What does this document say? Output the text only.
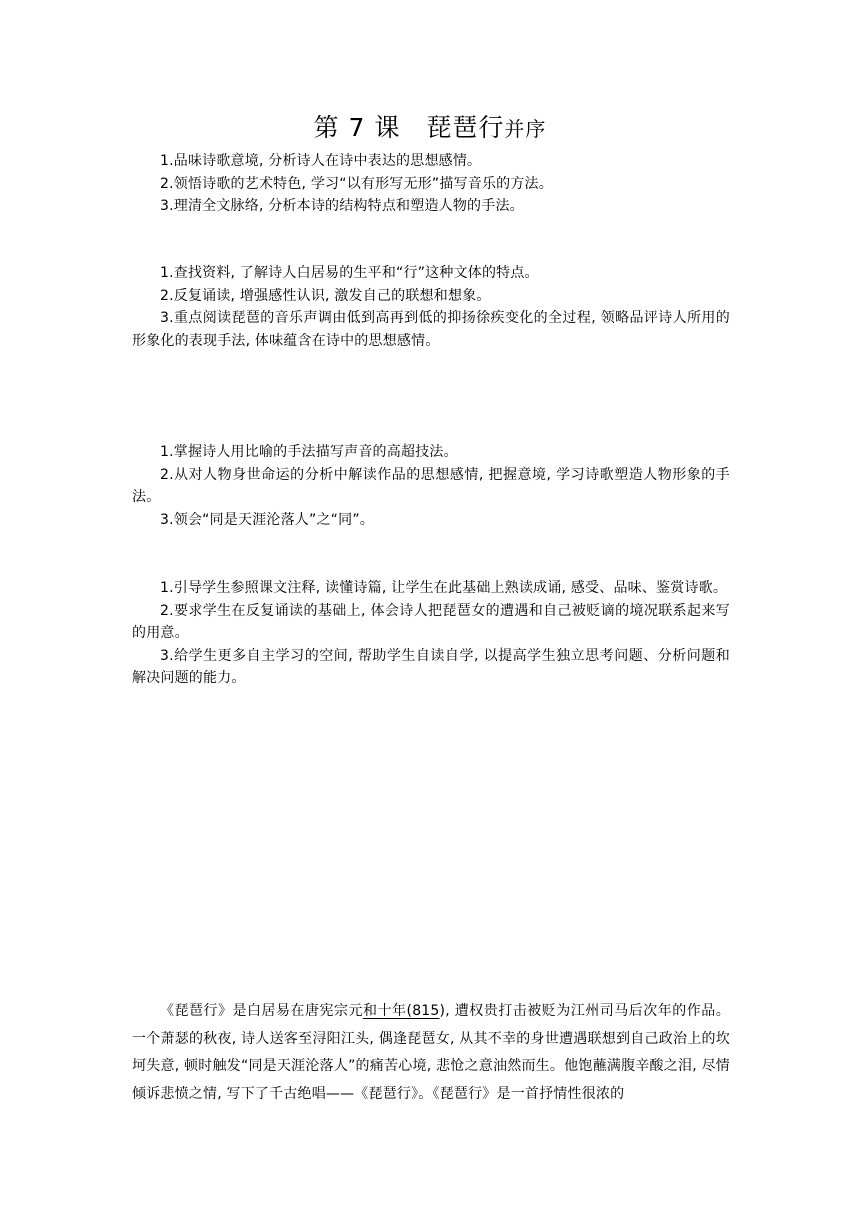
第 7 课　琵琶行并序

1.品味诗歌意境, 分析诗人在诗中表达的思想感情。

2.领悟诗歌的艺术特色, 学习“以有形写无形”描写音乐的方法。

3.理清全文脉络, 分析本诗的结构特点和塑造人物的手法。

1.查找资料, 了解诗人白居易的生平和“行”这种文体的特点。

2.反复诵读, 增强感性认识, 激发自己的联想和想象。

3.重点阅读琵琶的音乐声调由低到高再到低的抑扬徐疾变化的全过程, 领略品评诗人所用的形象化的表现手法, 体味蕴含在诗中的思想感情。

1.掌握诗人用比喻的手法描写声音的高超技法。

2.从对人物身世命运的分析中解读作品的思想感情, 把握意境, 学习诗歌塑造人物形象的手法。

3.领会“同是天涯沦落人”之“同”。

1.引导学生参照课文注释, 读懂诗篇, 让学生在此基础上熟读成诵, 感受、品味、鉴赏诗歌。

2.要求学生在反复诵读的基础上, 体会诗人把琵琶女的遭遇和自己被贬谪的境况联系起来写的用意。

3.给学生更多自主学习的空间, 帮助学生自读自学, 以提高学生独立思考问题、分析问题和解决问题的能力。

《琵琶行》是白居易在唐宪宗元和十年(815), 遭权贵打击被贬为江州司马后次年的作品。一个萧瑟的秋夜, 诗人送客至浔阳江头, 偶逢琵琶女, 从其不幸的身世遭遇联想到自己政治上的坎坷失意, 顿时触发“同是天涯沦落人”的痛苦心境, 悲怆之意油然而生。他饱蘸满腹辛酸之泪, 尽情倾诉悲愤之情, 写下了千古绝唱——《琵琶行》。《琵琶行》是一首抒情性很浓的
